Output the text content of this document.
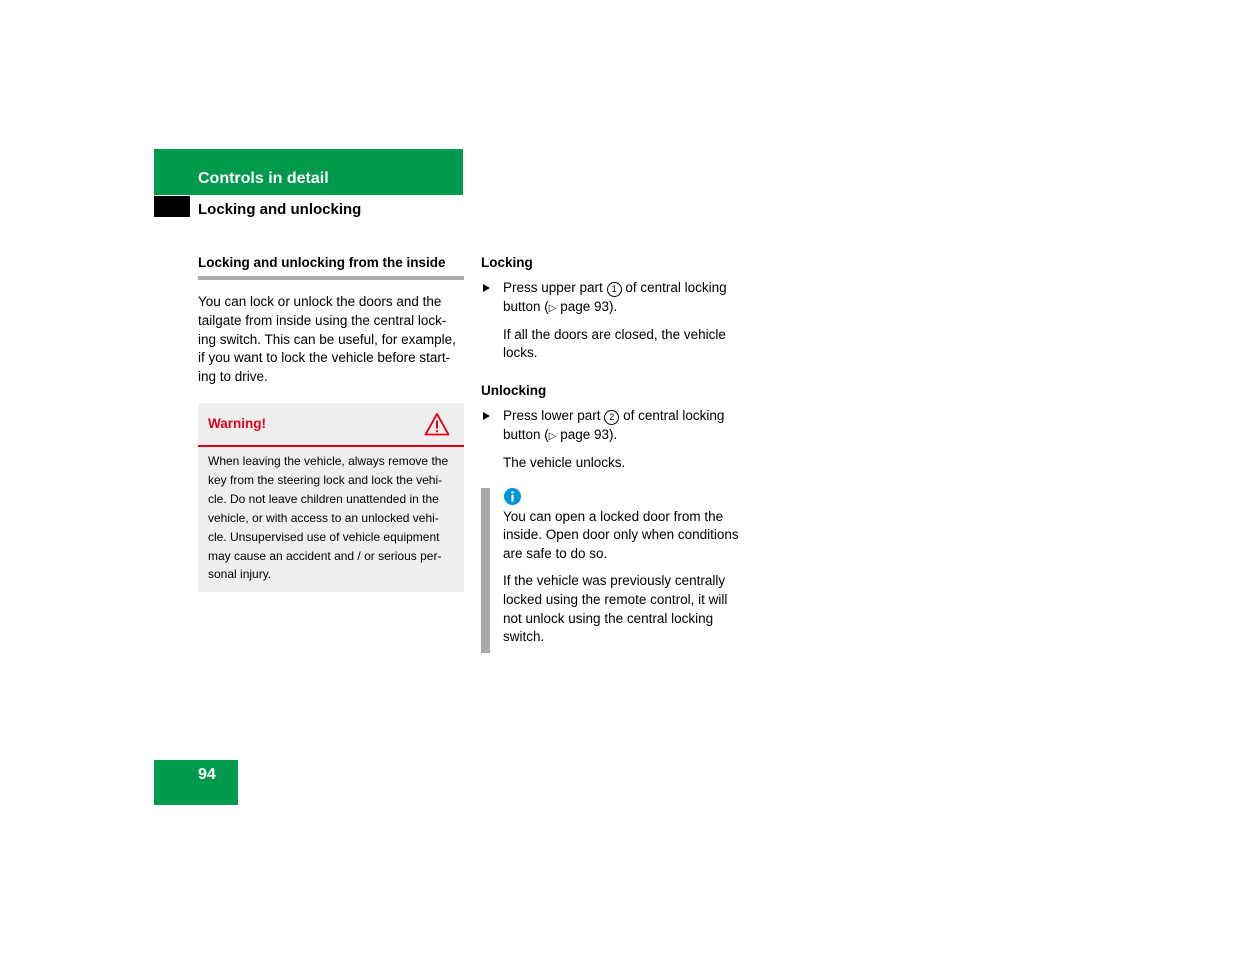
Controls in detail
Locking and unlocking
Locking and unlocking from the inside
You can lock or unlock the doors and the
tailgate from inside using the central lock-
ing switch. This can be useful, for example,
if you want to lock the vehicle before start-
ing to drive.
Warning!
When leaving the vehicle, always remove the
key from the steering lock and lock the vehi-
cle. Do not leave children unattended in the
vehicle, or with access to an unlocked vehi-
cle. Unsupervised use of vehicle equipment
may cause an accident and / or serious per-
sonal injury.
Locking
Press upper part 1 of central locking
button (▷ page 93).
If all the doors are closed, the vehicle
locks.
Unlocking
Press lower part 2 of central locking
button (▷ page 93).
The vehicle unlocks.
You can open a locked door from the
inside. Open door only when conditions
are safe to do so.
If the vehicle was previously centrally
locked using the remote control, it will
not unlock using the central locking
switch.
94
